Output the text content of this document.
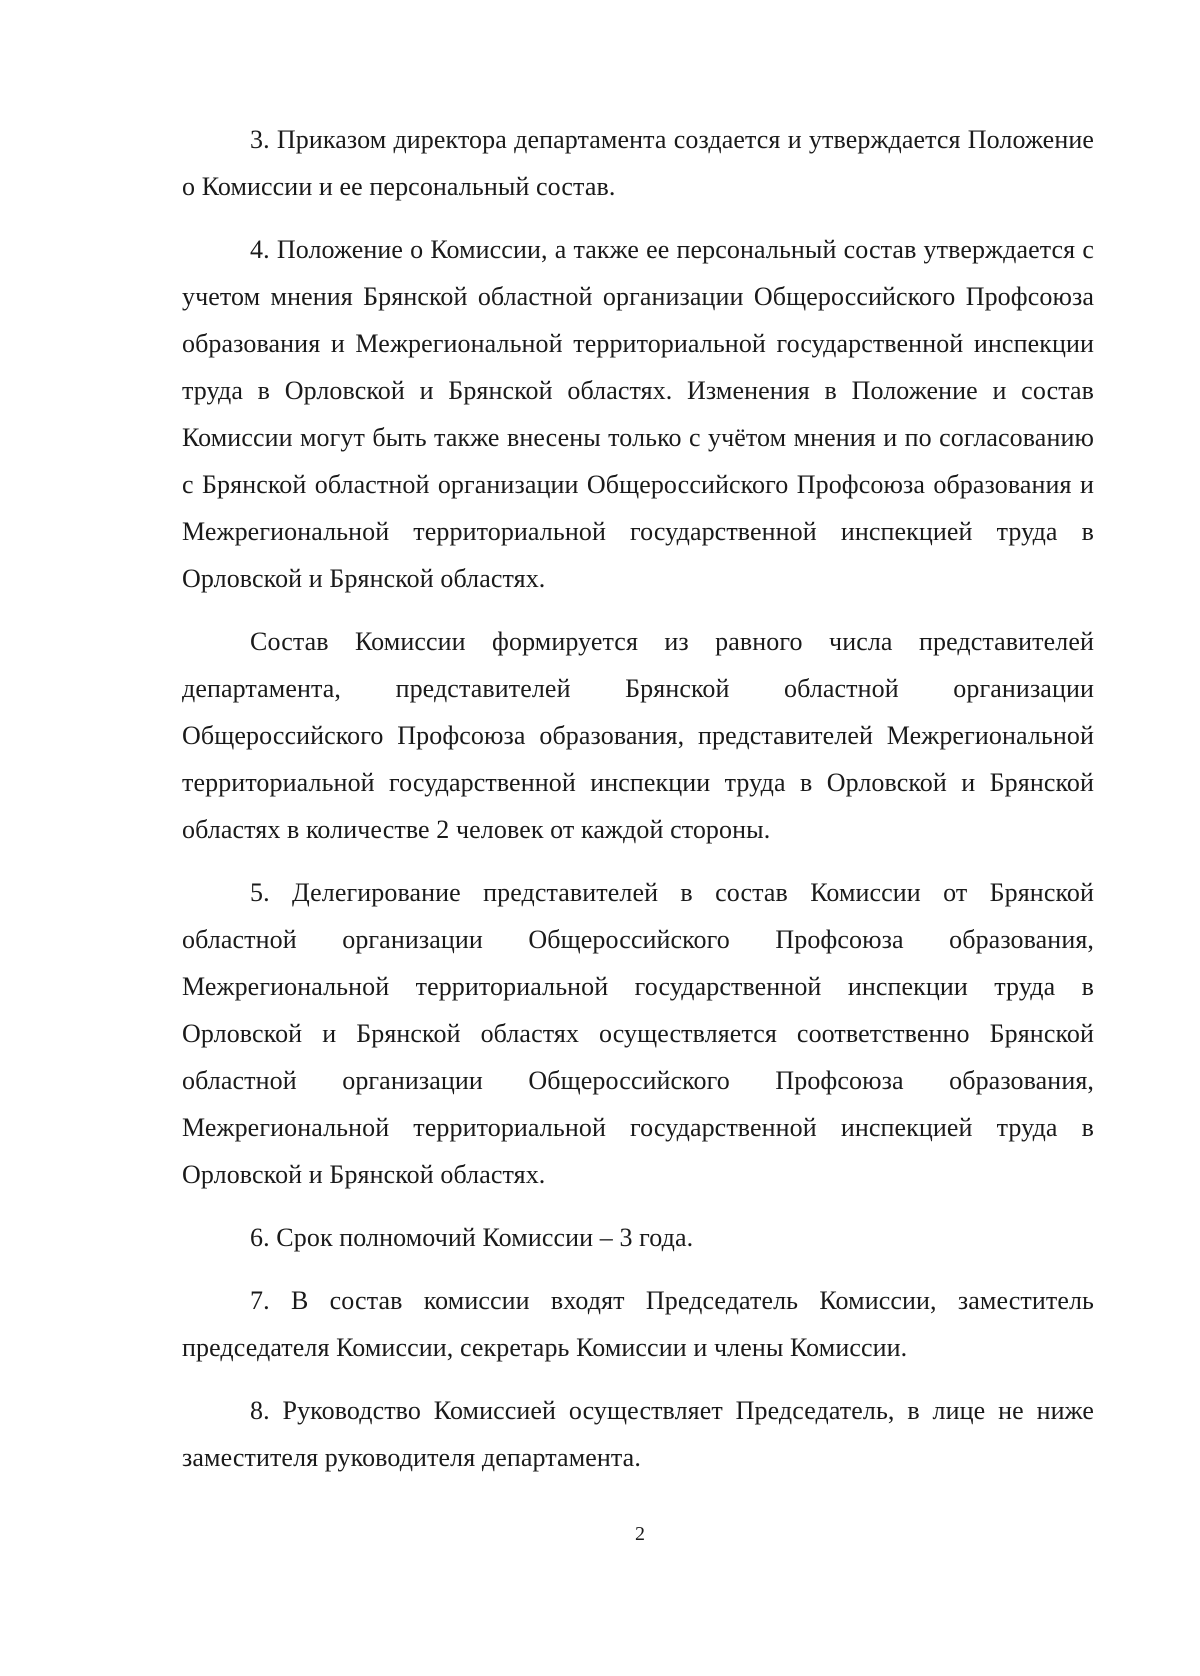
3. Приказом директора департамента создается и утверждается Положение о Комиссии и ее персональный состав.

4. Положение о Комиссии, а также ее персональный состав утверждается с учетом мнения Брянской областной организации Общероссийского Профсоюза образования и Межрегиональной территориальной государственной инспекции труда в Орловской и Брянской областях. Изменения в Положение и состав Комиссии могут быть также внесены только с учётом мнения и по согласованию с Брянской областной организации Общероссийского Профсоюза образования и Межрегиональной территориальной государственной инспекцией труда в Орловской и Брянской областях.

Состав Комиссии формируется из равного числа представителей департамента, представителей Брянской областной организации Общероссийского Профсоюза образования, представителей Межрегиональной территориальной государственной инспекции труда в Орловской и Брянской областях в количестве 2 человек от каждой стороны.

5. Делегирование представителей в состав Комиссии от Брянской областной организации Общероссийского Профсоюза образования, Межрегиональной территориальной государственной инспекции труда в Орловской и Брянской областях осуществляется соответственно Брянской областной организации Общероссийского Профсоюза образования, Межрегиональной территориальной государственной инспекцией труда в Орловской и Брянской областях.

6. Срок полномочий Комиссии – 3 года.

7. В состав комиссии входят Председатель Комиссии, заместитель председателя Комиссии, секретарь Комиссии и члены Комиссии.

8. Руководство Комиссией осуществляет Председатель, в лице не ниже заместителя руководителя департамента.

2
